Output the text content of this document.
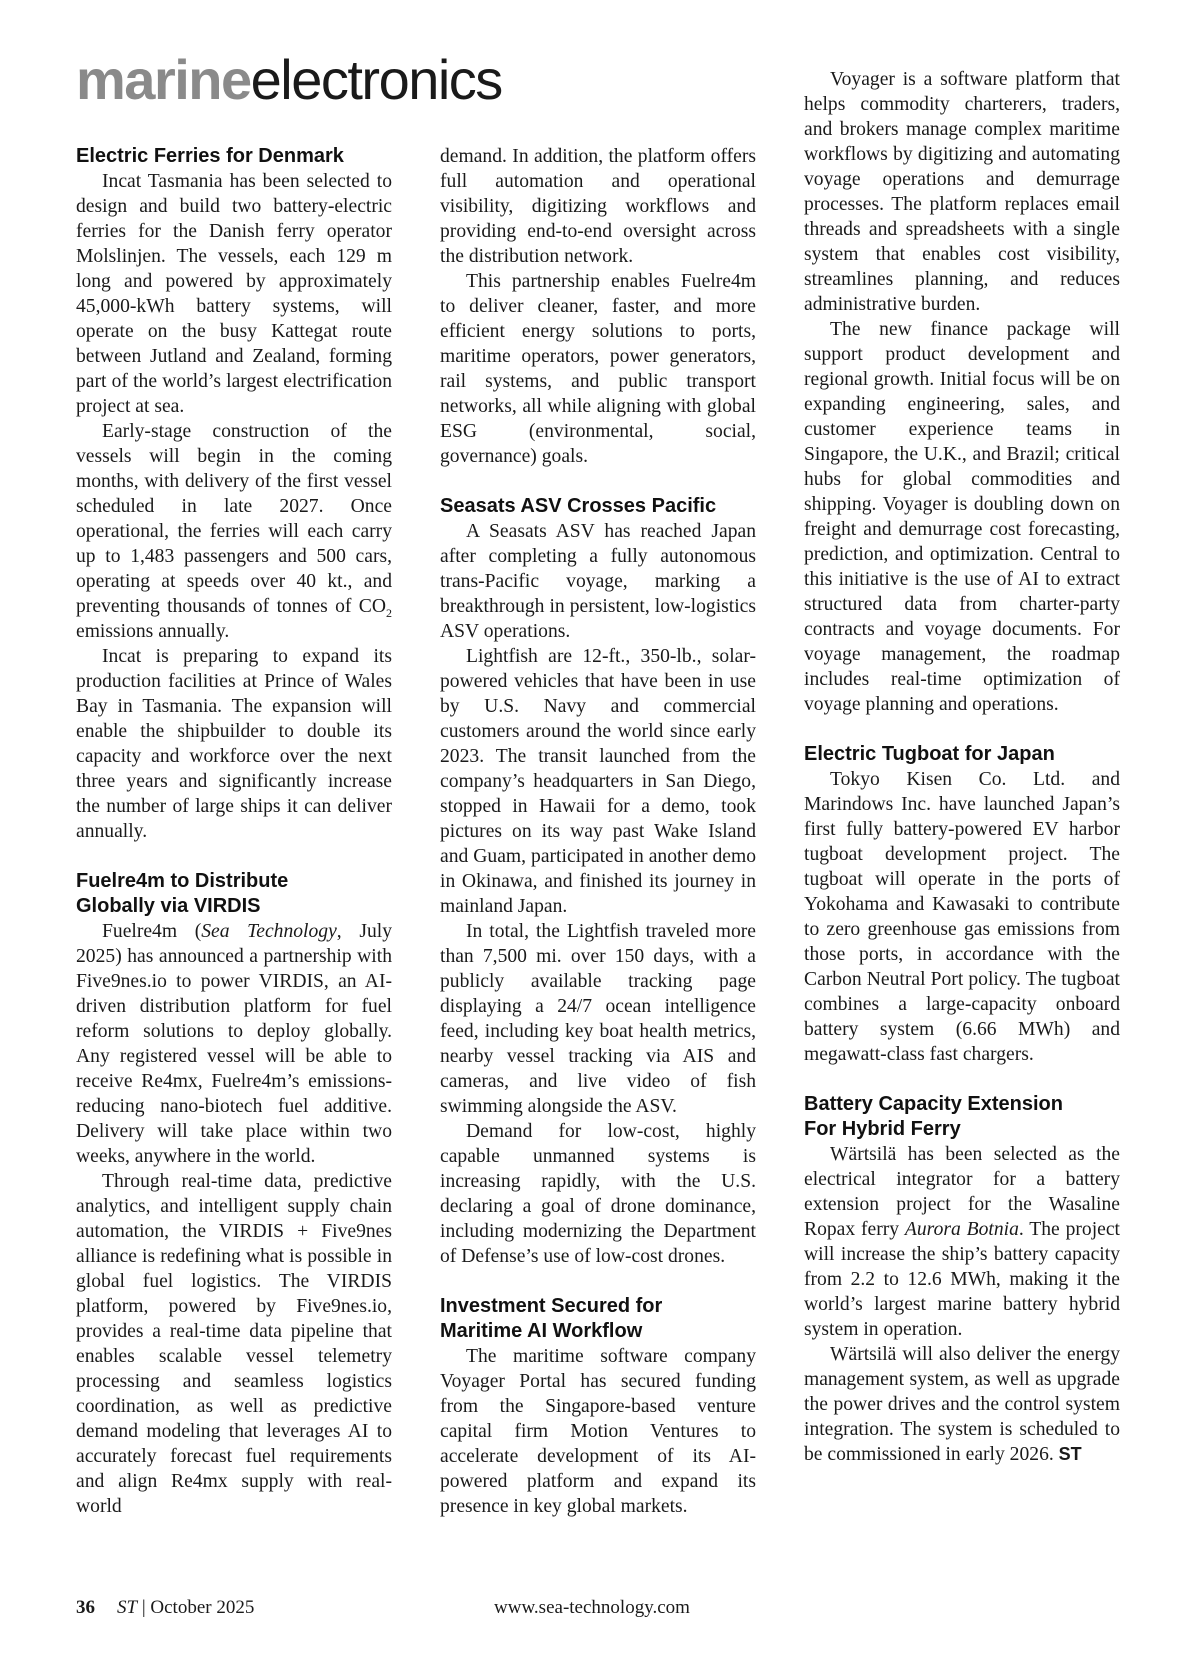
marineelectronics
Electric Ferries for Denmark

Incat Tasmania has been selected to design and build two battery-electric ferries for the Danish ferry operator Molslinjen. The vessels, each 129 m long and powered by approximately 45,000-kWh battery systems, will operate on the busy Kattegat route between Jutland and Zealand, forming part of the world’s largest electrification project at sea.

Early-stage construction of the vessels will begin in the coming months, with delivery of the first vessel scheduled in late 2027. Once operational, the ferries will each carry up to 1,483 passengers and 500 cars, operating at speeds over 40 kt., and preventing thousands of tonnes of $CO_2$ emissions annually.

Incat is preparing to expand its production facilities at Prince of Wales Bay in Tasmania. The expansion will enable the shipbuilder to double its capacity and workforce over the next three years and significantly increase the number of large ships it can deliver annually.

Fuelre4m to Distribute
Globally via VIRDIS

Fuelre4m (Sea Technology, July 2025) has announced a partnership with Five9nes.io to power VIRDIS, an AI-driven distribution platform for fuel reform solutions to deploy globally. Any registered vessel will be able to receive Re4mx, Fuelre4m’s emissions-reducing nano-biotech fuel additive. Delivery will take place within two weeks, anywhere in the world.

Through real-time data, predictive analytics, and intelligent supply chain automation, the VIRDIS + Five9nes alliance is redefining what is possible in global fuel logistics. The VIRDIS platform, powered by Five9nes.io, provides a real-time data pipeline that enables scalable vessel telemetry processing and seamless logistics coordination, as well as predictive demand modeling that leverages AI to accurately forecast fuel requirements and align Re4mx supply with real-world

demand. In addition, the platform offers full automation and operational visibility, digitizing workflows and providing end-to-end oversight across the distribution network.

This partnership enables Fuelre4m to deliver cleaner, faster, and more efficient energy solutions to ports, maritime operators, power generators, rail systems, and public transport networks, all while aligning with global ESG (environmental, social, governance) goals.

Seasats ASV Crosses Pacific

A Seasats ASV has reached Japan after completing a fully autonomous trans-Pacific voyage, marking a breakthrough in persistent, low-logistics ASV operations.

Lightfish are 12-ft., 350-lb., solar-powered vehicles that have been in use by U.S. Navy and commercial customers around the world since early 2023. The transit launched from the company’s headquarters in San Diego, stopped in Hawaii for a demo, took pictures on its way past Wake Island and Guam, participated in another demo in Okinawa, and finished its journey in mainland Japan.

In total, the Lightfish traveled more than 7,500 mi. over 150 days, with a publicly available tracking page displaying a 24/7 ocean intelligence feed, including key boat health metrics, nearby vessel tracking via AIS and cameras, and live video of fish swimming alongside the ASV.

Demand for low-cost, highly capable unmanned systems is increasing rapidly, with the U.S. declaring a goal of drone dominance, including modernizing the Department of Defense’s use of low-cost drones.

Investment Secured for
Maritime AI Workflow

The maritime software company Voyager Portal has secured funding from the Singapore-based venture capital firm Motion Ventures to accelerate development of its AI-powered platform and expand its presence in key global markets.

Voyager is a software platform that helps commodity charterers, traders, and brokers manage complex maritime workflows by digitizing and automating voyage operations and demurrage processes. The platform replaces email threads and spreadsheets with a single system that enables cost visibility, streamlines planning, and reduces administrative burden.

The new finance package will support product development and regional growth. Initial focus will be on expanding engineering, sales, and customer experience teams in Singapore, the U.K., and Brazil; critical hubs for global commodities and shipping. Voyager is doubling down on freight and demurrage cost forecasting, prediction, and optimization. Central to this initiative is the use of AI to extract structured data from charter-party contracts and voyage documents. For voyage management, the roadmap includes real-time optimization of voyage planning and operations.

Electric Tugboat for Japan

Tokyo Kisen Co. Ltd. and Marindows Inc. have launched Japan’s first fully battery-powered EV harbor tugboat development project. The tugboat will operate in the ports of Yokohama and Kawasaki to contribute to zero greenhouse gas emissions from those ports, in accordance with the Carbon Neutral Port policy. The tugboat combines a large-capacity onboard battery system (6.66 MWh) and megawatt-class fast chargers.

Battery Capacity Extension
For Hybrid Ferry

Wärtsilä has been selected as the electrical integrator for a battery extension project for the Wasaline Ropax ferry Aurora Botnia. The project will increase the ship’s battery capacity from 2.2 to 12.6 MWh, making it the world’s largest marine battery hybrid system in operation.

Wärtsilä will also deliver the energy management system, as well as upgrade the power drives and the control system integration. The system is scheduled to be commissioned in early 2026. ST

36 ST | October 2025	www.sea-technology.com
